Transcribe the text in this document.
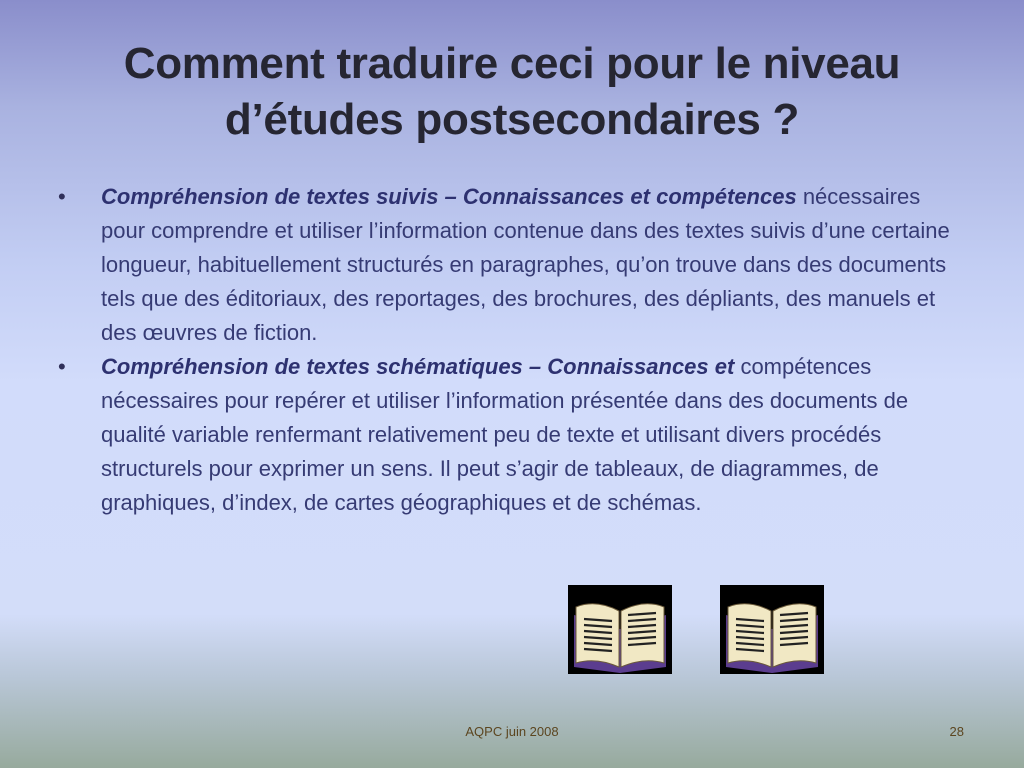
Comment traduire ceci pour le niveau d’études postsecondaires ?
•	Compréhension de textes suivis – Connaissances et compétences nécessaires pour comprendre et utiliser l’information contenue dans des textes suivis d’une certaine longueur, habituellement structurés en paragraphes, qu’on trouve dans des documents tels que des éditoriaux, des reportages, des brochures, des dépliants, des manuels et des œuvres de fiction.
•	Compréhension de textes schématiques – Connaissances et compétences nécessaires pour repérer et utiliser l’information présentée dans des documents de qualité variable renfermant relativement peu de texte et utilisant divers procédés structurels pour exprimer un sens. Il peut s’agir de tableaux, de diagrammes, de graphiques, d’index, de cartes géographiques et de schémas.
AQPC juin 2008	28
